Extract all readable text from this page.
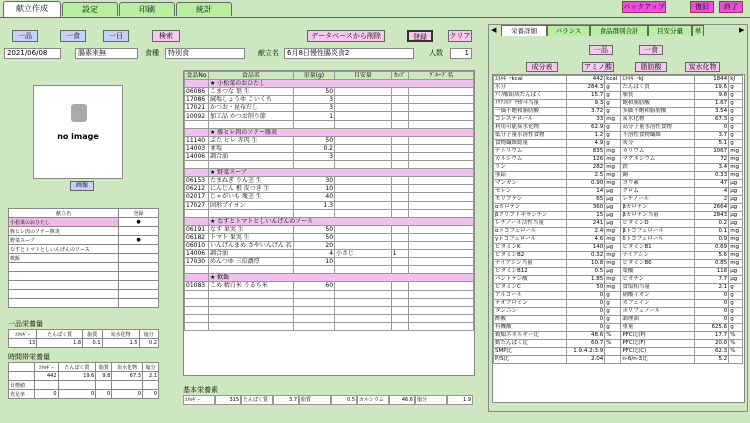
献立作成	設定	印刷	統計	バックアップ	復旧	終了
一品	一食	一日	検索	データベースから削除	登録	クリア
2021/06/08	腸素来無	食種	特別食	献立名	6月8日慢性腸炎食2	人数	1
no image
画像
献立名	登録
小松菜のおひたし	●
豚ヒレ肉のソテー豚炎	
野菜スープ	●
なすとトマトとしいんげんのソース	
軟飯	

一品栄養量
ｴﾈﾙｷﾞｰ	たんぱく質	脂質	炭水化物	塩分
13	1.8	0.1	1.5	0.2
時間帯栄養量
	ｴﾈﾙｷﾞｰ	たんぱく質	脂質	炭水化物	塩分
	442	19.6	9.8	67.3	2.1
目標値					
充足率	0	0	0	0	0
食品No	食品名	重量(g)	目安量	ｶｯﾌﾟ	ｸﾞﾙｰﾌﾟ名
	★ 小松菜のおひたし				
06086	こまつな 葉 生	50			
17086	減塩しょうゆ こいくち	3			
17021	かつお・昆布だし	3			
10092	加工品 かつお削り節	1			

	★ 豚ヒレ肉のソテー豚炎				
11140	ぶた ヒレ 赤肉 生	50			
14003	並塩	0.2			
14006	調合油	3			

	★ 野菜スープ				
06153	たまねぎ りん茎 生	30			
06212	にんじん 根 皮つき 生	10			
02017	じゃがいも 塊茎 生	40			
17027	固形ブイヨン	1.3			

	★ なすとトマトとしいんげんのソース				
06191	なす 果実 生	50			
06182	トマト 果実 生	50			
06010	いんげんまめ さやいんげん 若	20			
14006	調合油	4	小さじ	1	
17030	めんつゆ 三倍濃厚	10			

	★ 軟飯				
01083	こめ 精白米 うるち米	60			

基本栄養素
ｴﾈﾙｷﾞｰ	315 たんぱく質	3.7 脂質	0.5 カルシウム	46.6 塩分	1.9
◀	栄養詳細	バランス	食品群別合計	目安分量	単	▶
一品	一食
成分表	アミノ酸	脂肪酸	炭水化物
ｴﾈﾙｷﾞｰkcal	442	kcal	ｴﾈﾙｷﾞｰkJ	1844	kJ
水分	284.3	g	たんぱく質	19.6	g
ｱﾐﾉ酸組成たんぱく	15.7	g	脂質	9.8	g
ﾄﾘｱｼﾙｸﾞﾘｾﾛｰﾙ当量	9.3	g	飽和脂肪酸	1.67	g
一価不飽和脂肪酸	3.72	g	多価不飽和脂肪酸	3.54	g
コレステロール	33	mg	炭水化物	67.3	g
利用可能炭水化物	62.9	g	高分子量水溶性食物	0	g
低分子量水溶性食物	1.2	g	不溶性食物繊維	3.7	g
食物繊維総量	4.9	g	灰分	5.1	g
ナトリウム	835	mg	カリウム	1067	mg
カルシウム	126	mg	マグネシウム	72	mg
リン	282	mg	鉄	3.4	mg
亜鉛	2.5	mg	銅	0.33	mg
マンガン	0.90	mg	ヨウ素	47	μg
セレン	14	μg	クロム	4	μg
モリブデン	65	μg	レチノール	2	μg
αカロテン	360	μg	βカロテン	2664	μg
βクリプトキサンチン	15	μg	βカロテン当量	2843	μg
レチノール活性当量	241	μg	ビタミンD	0.2	μg
αトコフェロール	2.4	mg	βトコフェロール	0.1	mg
γトコフェロール	4.6	mg	δトコフェロール	0.9	mg
ビタミンK	140	μg	ビタミンB1	0.69	mg
ビタミンB2	0.32	mg	ナイアシン	5.6	mg
ナイアシン当量	10.8	mg	ビタミンB6	0.85	mg
ビタミンB12	0.5	μg	葉酸	118	μg
パントテン酸	1.85	mg	ビオチン	7.7	μg
ビタミンC	50	mg	食塩相当量	2.1	g
アルコール	0	g	硝酸イオン	0	g
テオブロミン	0	g	カフェイン	0	g
タンニン	0	g	ポリフェノール	0	g
酢酸	0	g	調理油	0	g
有機酸	0	g	重量	625.6	g
穀類エネルギー比	48.6	%	PFC比(P)	17.7	%
動たんぱく比	60.7	%	PFC比(F)	20.0	%
SMP比	1.9:4.2:3.9		PFC比(C)	62.3	%
P/S比	2.04		n-6/n-3比	5.2	
